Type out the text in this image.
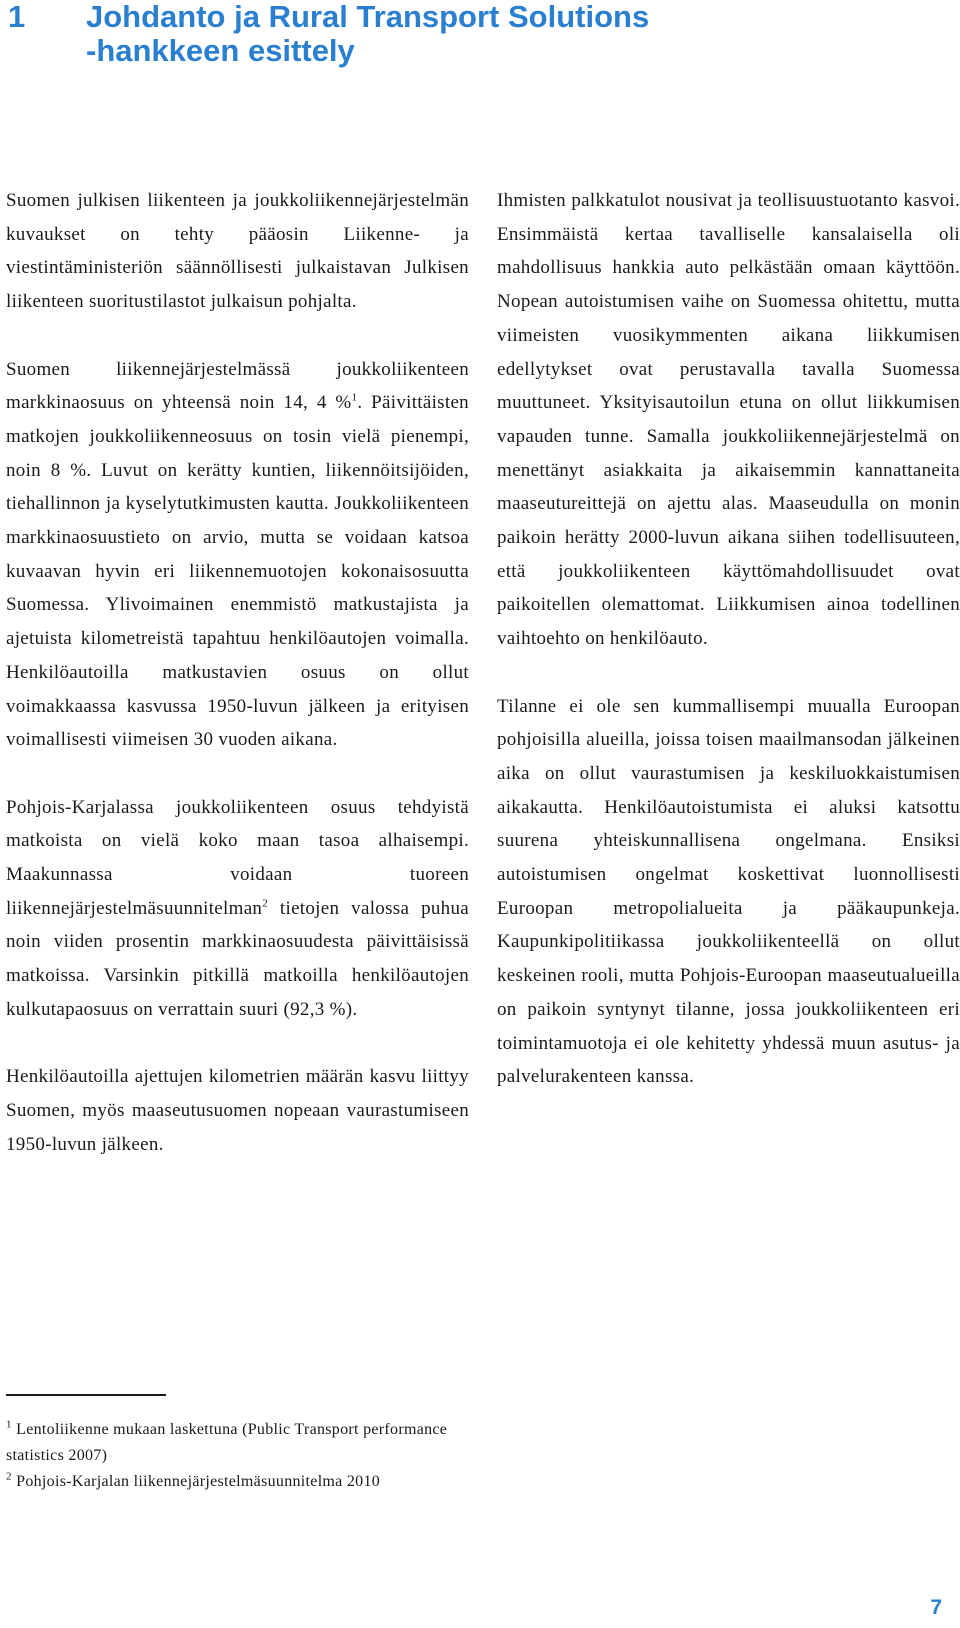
1 Johdanto ja Rural Transport Solutions
-hankkeen esittely

Suomen julkisen liikenteen ja joukkoliikennejärjestelmän kuvaukset on tehty pääosin Liikenne- ja viestintäministeriön säännöllisesti julkaistavan Julkisen liikenteen suoritustilastot julkaisun pohjalta.

Suomen liikennejärjestelmässä joukkoliikenteen markkinaosuus on yhteensä noin 14, 4 %$^1$. Päivittäisten matkojen joukkoliikenneosuus on tosin vielä pienempi, noin 8 %. Luvut on kerätty kuntien, liikennöitsijöiden, tiehallinnon ja kyselytutkimusten kautta. Joukkoliikenteen markkinaosuustieto on arvio, mutta se voidaan katsoa kuvaavan hyvin eri liikennemuotojen kokonaisosuutta Suomessa. Ylivoimainen enemmistö matkustajista ja ajetuista kilometreistä tapahtuu henkilöautojen voimalla. Henkilöautoilla matkustavien osuus on ollut voimakkaassa kasvussa 1950-luvun jälkeen ja erityisen voimallisesti viimeisen 30 vuoden aikana.

Pohjois-Karjalassa joukkoliikenteen osuus tehdyistä matkoista on vielä koko maan tasoa alhaisempi. Maakunnassa voidaan tuoreen liikennejärjestelmäsuunnitelman$^2$ tietojen valossa puhua noin viiden prosentin markkinaosuudesta päivittäisissä matkoissa. Varsinkin pitkillä matkoilla henkilöautojen kulkutapaosuus on verrattain suuri (92,3 %).

Henkilöautoilla ajettujen kilometrien määrän kasvu liittyy Suomen, myös maaseutusuomen nopeaan vaurastumiseen 1950-luvun jälkeen.

Ihmisten palkkatulot nousivat ja teollisuustuotanto kasvoi. Ensimmäistä kertaa tavalliselle kansalaisella oli mahdollisuus hankkia auto pelkästään omaan käyttöön. Nopean autoistumisen vaihe on Suomessa ohitettu, mutta viimeisten vuosikymmenten aikana liikkumisen edellytykset ovat perustavalla tavalla Suomessa muuttuneet. Yksityisautoilun etuna on ollut liikkumisen vapauden tunne. Samalla joukkoliikennejärjestelmä on menettänyt asiakkaita ja aikaisemmin kannattaneita maaseutureittejä on ajettu alas. Maaseudulla on monin paikoin herätty 2000-luvun aikana siihen todellisuuteen, että joukkoliikenteen käyttömahdollisuudet ovat paikoitellen olemattomat. Liikkumisen ainoa todellinen vaihtoehto on henkilöauto.

Tilanne ei ole sen kummallisempi muualla Euroopan pohjoisilla alueilla, joissa toisen maailmansodan jälkeinen aika on ollut vaurastumisen ja keskiluokkaistumisen aikakautta. Henkilöautoistumista ei aluksi katsottu suurena yhteiskunnallisena ongelmana. Ensiksi autoistumisen ongelmat koskettivat luonnollisesti Euroopan metropolialueita ja pääkaupunkeja. Kaupunkipolitiikassa joukkoliikenteellä on ollut keskeinen rooli, mutta Pohjois-Euroopan maaseutualueilla on paikoin syntynyt tilanne, jossa joukkoliikenteen eri toimintamuotoja ei ole kehitetty yhdessä muun asutus- ja palvelurakenteen kanssa.

$^1$ Lentoliikenne mukaan laskettuna (Public Transport performance statistics 2007)

$^2$ Pohjois-Karjalan liikennejärjestelmäsuunnitelma 2010

7
